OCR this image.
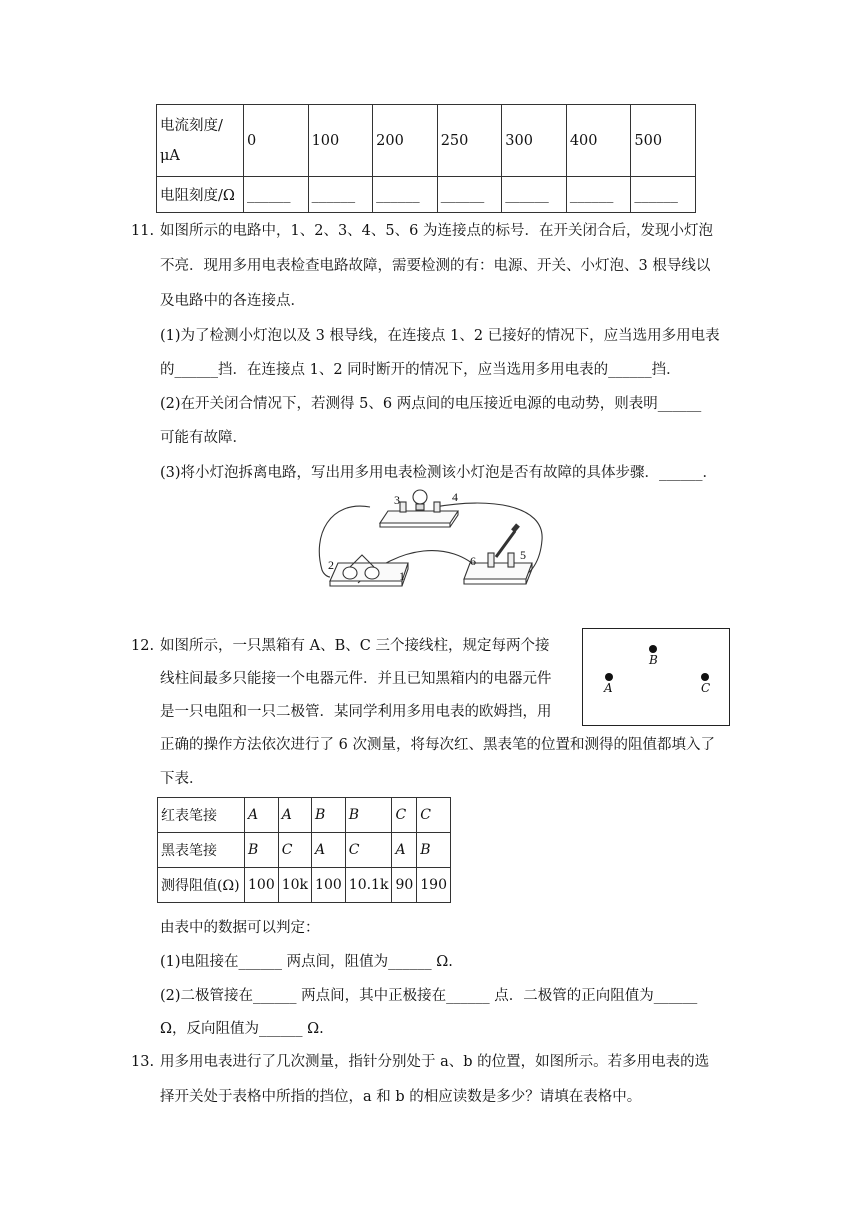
电流刻度/μA	0	100	200	250	300	400	500
电阻刻度/Ω	______	______	______	______	______	______	______
11. 如图所示的电路中，1、2、3、4、5、6 为连接点的标号．在开关闭合后，发现小灯泡
不亮．现用多用电表检查电路故障，需要检测的有：电源、开关、小灯泡、3 根导线以
及电路中的各连接点．
(1)为了检测小灯泡以及 3 根导线，在连接点 1、2 已接好的情况下，应当选用多用电表
的______挡．在连接点 1、2 同时断开的情况下，应当选用多用电表的______挡．
(2)在开关闭合情况下，若测得 5、6 两点间的电压接近电源的电动势，则表明______
可能有故障．
(3)将小灯泡拆离电路，写出用多用电表检测该小灯泡是否有故障的具体步骤．______．
3	4
2
1
6	5
12. 如图所示，一只黑箱有 A、B、C 三个接线柱，规定每两个接
线柱间最多只能接一个电器元件．并且已知黑箱内的电器元件
是一只电阻和一只二极管．某同学利用多用电表的欧姆挡，用
正确的操作方法依次进行了 6 次测量，将每次红、黑表笔的位置和测得的阻值都填入了
下表．
B
A	C
红表笔接	A	A	B	B	C	C
黑表笔接	B	C	A	C	A	B
测得阻值(Ω)	100	10k	100	10.1k	90	190
由表中的数据可以判定：
(1)电阻接在______ 两点间，阻值为______ Ω.
(2)二极管接在______ 两点间，其中正极接在______ 点．二极管的正向阻值为______
Ω，反向阻值为______ Ω.
13. 用多用电表进行了几次测量，指针分别处于 a、b 的位置，如图所示。若多用电表的选
择开关处于表格中所指的挡位，a 和 b 的相应读数是多少？请填在表格中。
